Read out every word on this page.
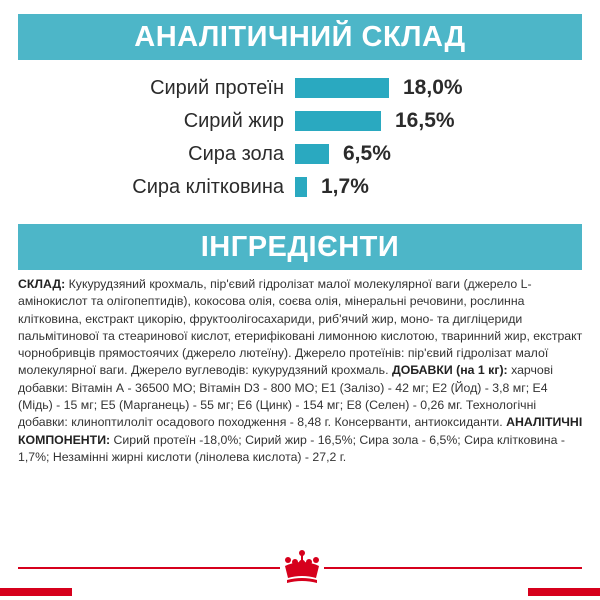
АНАЛІТИЧНИЙ СКЛАД
Сирий протеїн	18,0%
Сирий жир	16,5%
Сира зола	6,5%
Сира клітковина 1,7%
ІНГРЕДІЄНТИ
СКЛАД: Кукурудзяний крохмаль, пір'євий гідролізат малої молекулярної ваги (джерело L-амінокислот та олігопептидів), кокосова олія, соєва олія, мінеральні речовини, рослинна клітковина, екстракт цикорію, фруктоолігосахариди, риб'ячий жир, моно- та дигліцериди пальмітинової та стеаринової кислот, етерифіковані лимонною кислотою, тваринний жир, екстракт чорнобривців прямостоячих (джерело лютеїну). Джерело протеїнів: пір'євий гідролізат малої молекулярної ваги. Джерело вуглеводів: кукурудзяний крохмаль. ДОБАВКИ (на 1 кг): харчові добавки: Вітамін А - 36500 МО; Вітамін D3 - 800 МО; Е1 (Залізо) - 42 мг; Е2 (Йод) - 3,8 мг; Е4 (Мідь) - 15 мг; Е5 (Марганець) - 55 мг; Е6 (Цинк) - 154 мг; Е8 (Селен) - 0,26 мг. Технологічні добавки: клиноптилоліт осадового походження - 8,48 г. Консерванти, антиоксиданти. АНАЛІТИЧНІ КОМПОНЕНТИ: Сирий протеїн -18,0%; Сирий жир - 16,5%; Сира зола - 6,5%; Сира клітковина - 1,7%; Незамінні жирні кислоти (лінолева кислота) - 27,2 г.
